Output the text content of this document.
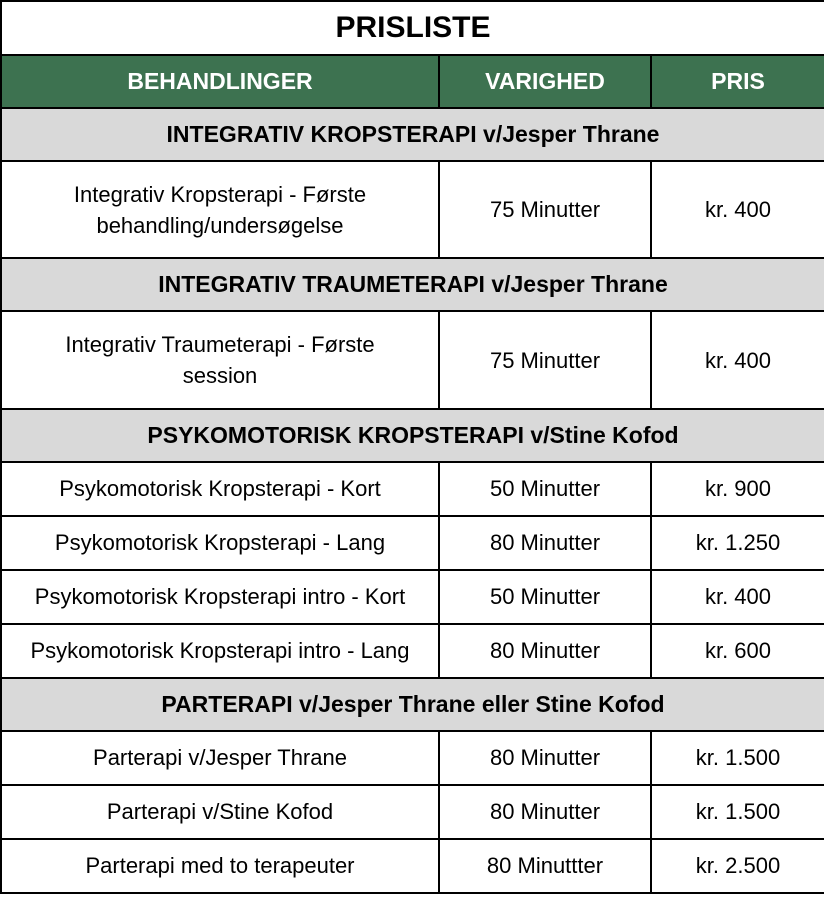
PRISLISTE		
BEHANDLINGER	VARIGHED	PRIS
INTEGRATIV KROPSTERAPI v/Jesper Thrane		

Integrativ Kropsterapi - Første
behandling/undersøgelse	75 Minutter	kr. 400
INTEGRATIV TRAUMETERAPI v/Jesper Thrane		

Integrativ Traumeterapi - Første
session	75 Minutter	kr. 400
PSYKOMOTORISK KROPSTERAPI v/Stine Kofod		
Psykomotorisk Kropsterapi - Kort	50 Minutter	kr. 900
Psykomotorisk Kropsterapi - Lang	80 Minutter	kr. 1.250
Psykomotorisk Kropsterapi intro - Kort	50 Minutter	kr. 400
Psykomotorisk Kropsterapi intro - Lang	80 Minutter	kr. 600
PARTERAPI v/Jesper Thrane eller Stine Kofod		
Parterapi v/Jesper Thrane	80 Minutter	kr. 1.500
Parterapi v/Stine Kofod	80 Minutter	kr. 1.500
Parterapi med to terapeuter	80 Minuttter	kr. 2.500
